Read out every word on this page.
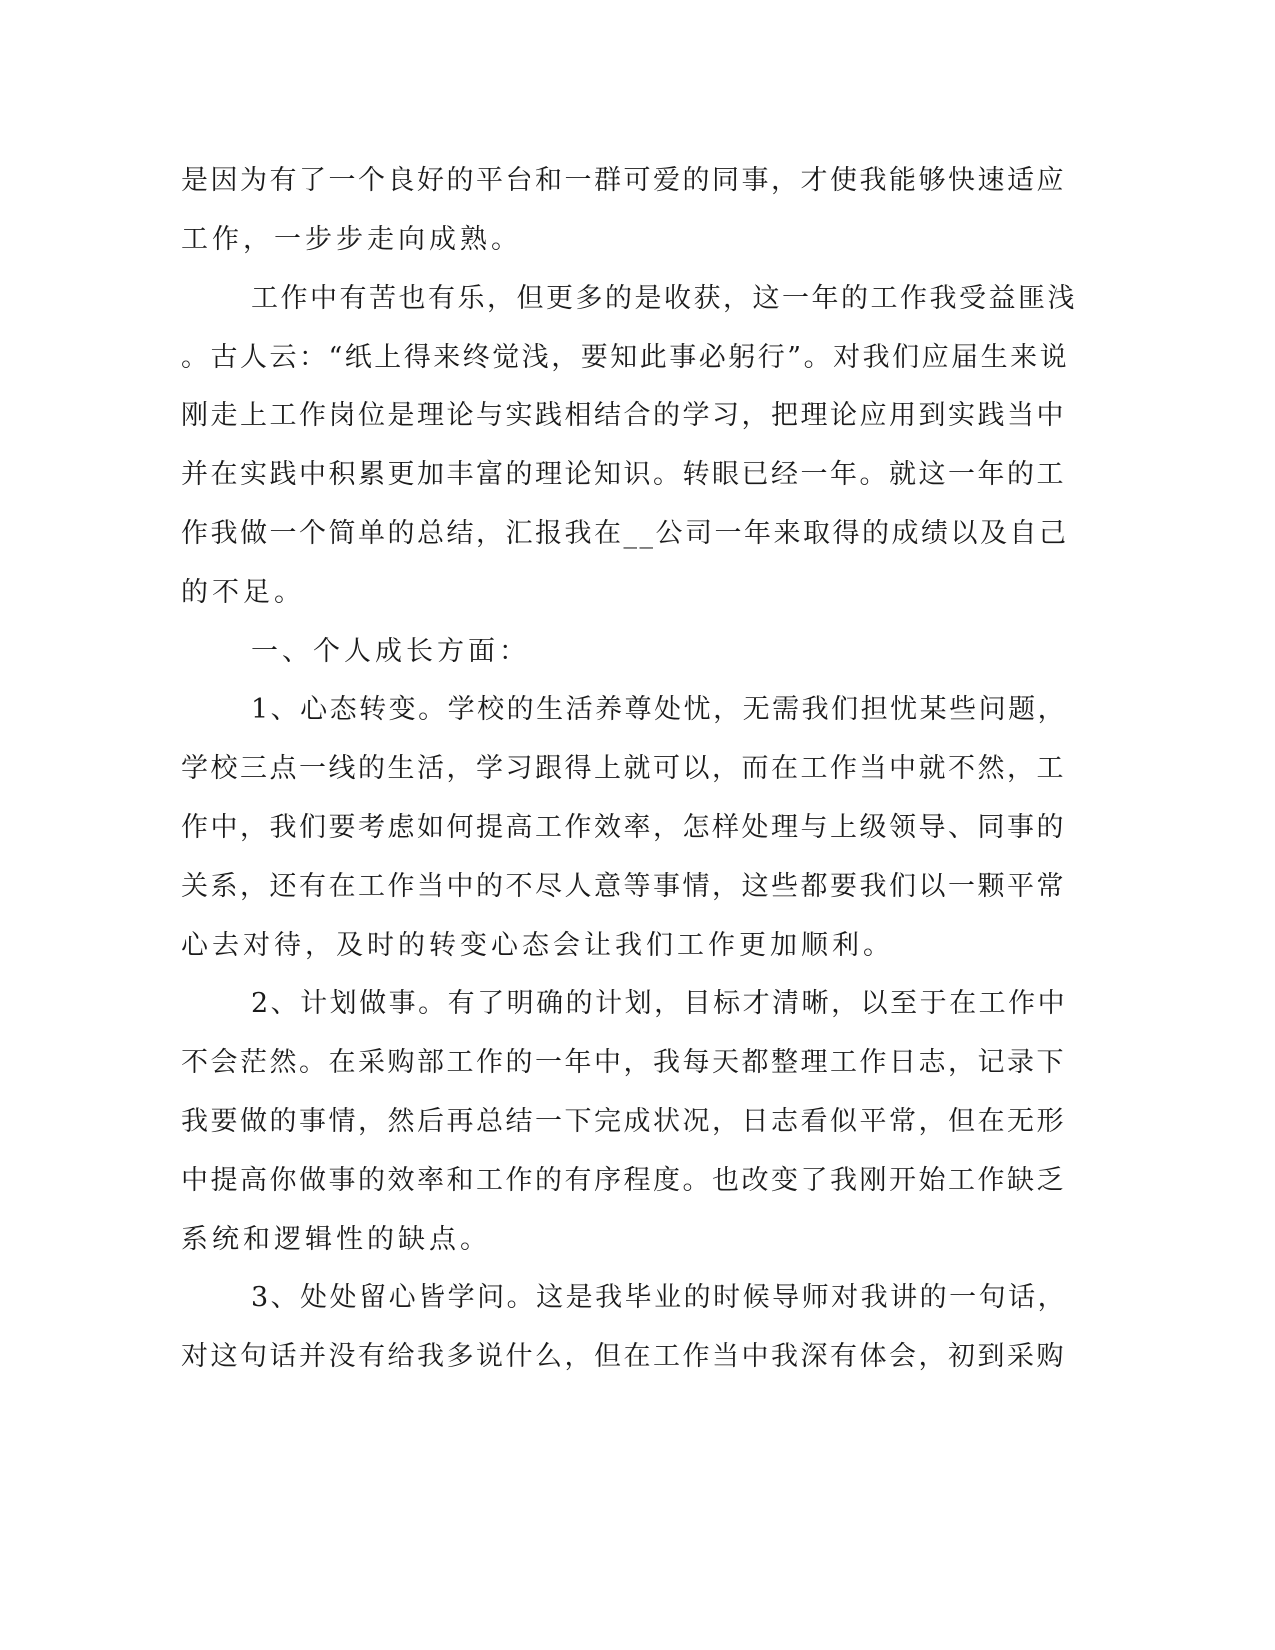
是因为有了一个良好的平台和一群可爱的同事，才使我能够快速适应
工作，一步步走向成熟。
工作中有苦也有乐，但更多的是收获，这一年的工作我受益匪浅
。古人云：“纸上得来终觉浅，要知此事必躬行”。对我们应届生来说
刚走上工作岗位是理论与实践相结合的学习，把理论应用到实践当中
并在实践中积累更加丰富的理论知识。转眼已经一年。就这一年的工
作我做一个简单的总结，汇报我在__公司一年来取得的成绩以及自己
的不足。
一、个人成长方面：
1、心态转变。学校的生活养尊处忧，无需我们担忧某些问题，
学校三点一线的生活，学习跟得上就可以，而在工作当中就不然，工
作中，我们要考虑如何提高工作效率，怎样处理与上级领导、同事的
关系，还有在工作当中的不尽人意等事情，这些都要我们以一颗平常
心去对待，及时的转变心态会让我们工作更加顺利。
2、计划做事。有了明确的计划，目标才清晰，以至于在工作中
不会茫然。在采购部工作的一年中，我每天都整理工作日志，记录下
我要做的事情，然后再总结一下完成状况，日志看似平常，但在无形
中提高你做事的效率和工作的有序程度。也改变了我刚开始工作缺乏
系统和逻辑性的缺点。
3、处处留心皆学问。这是我毕业的时候导师对我讲的一句话，
对这句话并没有给我多说什么，但在工作当中我深有体会，初到采购
